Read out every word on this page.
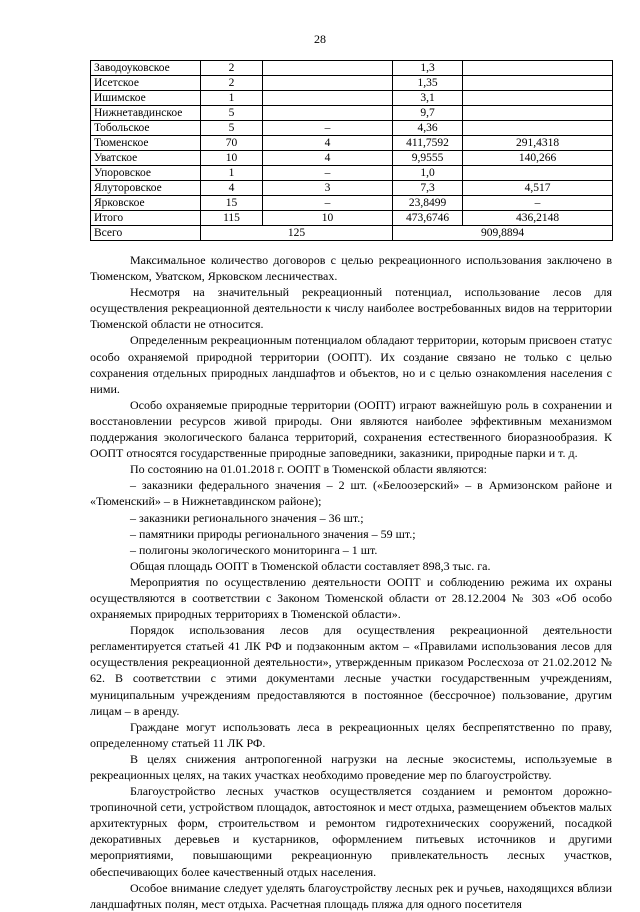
28
Заводоуковское	2		1,3	
Исетское	2		1,35	
Ишимское	1		3,1	
Нижнетавдинское	5		9,7	
Тобольское	5	–	4,36	
Тюменское	70	4	411,7592	291,4318
Уватское	10	4	9,9555	140,266
Упоровское	1	–	1,0	
Ялуторовское	4	3	7,3	4,517
Ярковское	15	–	23,8499	–
Итого	115	10	473,6746	436,2148
Всего	125		909,8894	

Максимальное количество договоров с целью рекреационного использования заключено в Тюменском, Уватском, Ярковском лесничествах.

Несмотря на значительный рекреационный потенциал, использование лесов для осуществления рекреационной деятельности к числу наиболее востребованных видов на территории Тюменской области не относится.

Определенным рекреационным потенциалом обладают территории, которым присвоен статус особо охраняемой природной территории (ООПТ). Их создание связано не только с целью сохранения отдельных природных ландшафтов и объектов, но и с целью ознакомления населения с ними.

Особо охраняемые природные территории (ООПТ) играют важнейшую роль в сохранении и восстановлении ресурсов живой природы. Они являются наиболее эффективным механизмом поддержания экологического баланса территорий, сохранения естественного биоразнообразия. К ООПТ относятся государственные природные заповедники, заказники, природные парки и т. д.

По состоянию на 01.01.2018 г. ООПТ в Тюменской области являются:

– заказники федерального значения – 2 шт. («Белоозерский» – в Армизонском районе и «Тюменский» – в Нижнетавдинском районе);

– заказники регионального значения – 36 шт.;

– памятники природы регионального значения – 59 шт.;

– полигоны экологического мониторинга – 1 шт.

Общая площадь ООПТ в Тюменской области составляет 898,3 тыс. га.

Мероприятия по осуществлению деятельности ООПТ и соблюдению режима их охраны осуществляются в соответствии с Законом Тюменской области от 28.12.2004 № 303 «Об особо охраняемых природных территориях в Тюменской области».

Порядок использования лесов для осуществления рекреационной деятельности регламентируется статьей 41 ЛК РФ и подзаконным актом – «Правилами использования лесов для осуществления рекреационной деятельности», утвержденным приказом Рослесхоза от 21.02.2012 № 62. В соответствии с этими документами лесные участки государственным учреждениям, муниципальным учреждениям предоставляются в постоянное (бессрочное) пользование, другим лицам – в аренду.

Граждане могут использовать леса в рекреационных целях беспрепятственно по праву, определенному статьей 11 ЛК РФ.

В целях снижения антропогенной нагрузки на лесные экосистемы, используемые в рекреационных целях, на таких участках необходимо проведение мер по благоустройству.

Благоустройство лесных участков осуществляется созданием и ремонтом дорожно-тропиночной сети, устройством площадок, автостоянок и мест отдыха, размещением объектов малых архитектурных форм, строительством и ремонтом гидротехнических сооружений, посадкой декоративных деревьев и кустарников, оформлением питьевых источников и другими мероприятиями, повышающими рекреационную привлекательность лесных участков, обеспечивающих более качественный отдых населения.

Особое внимание следует уделять благоустройству лесных рек и ручьев, находящихся вблизи ландшафтных полян, мест отдыха. Расчетная площадь пляжа для одного посетителя
